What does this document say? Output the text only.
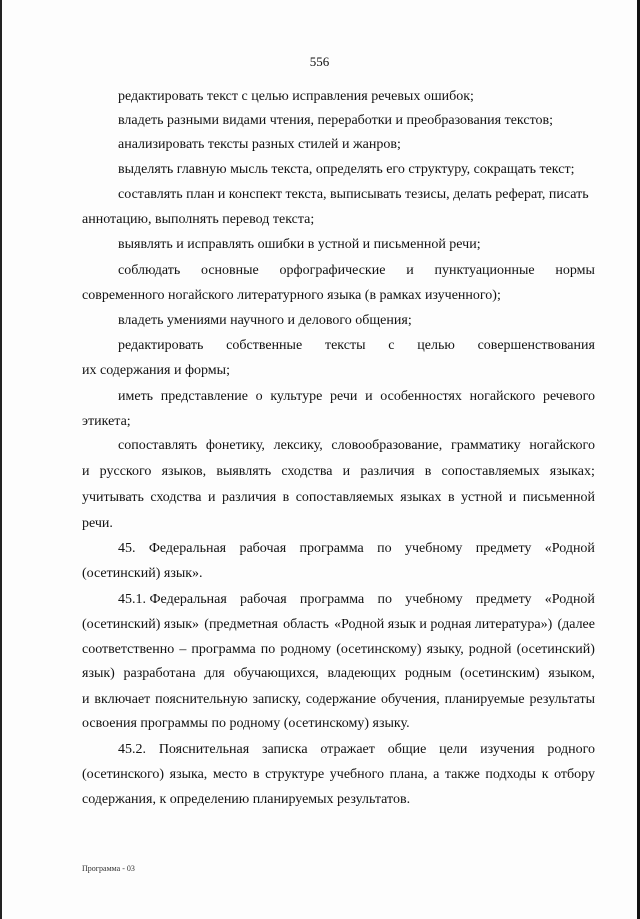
556
редактировать текст с целью исправления речевых ошибок;
владеть разными видами чтения, переработки и преобразования текстов;
анализировать тексты разных стилей и жанров;
выделять главную мысль текста, определять его структуру, сокращать текст;
составлять план и конспект текста, выписывать тезисы, делать реферат, писать
аннотацию, выполнять перевод текста;
выявлять и исправлять ошибки в устной и письменной речи;
соблюдать основные орфографические и пунктуационные нормы
современного ногайского литературного языка (в рамках изученного);
владеть умениями научного и делового общения;
редактировать собственные тексты с целью совершенствования
их содержания и формы;
иметь представление о культуре речи и особенностях ногайского речевого
этикета;
сопоставлять фонетику, лексику, словообразование, грамматику ногайского
и русского языков, выявлять сходства и различия в сопоставляемых языках;
учитывать сходства и различия в сопоставляемых языках в устной и письменной
речи.
45. Федеральная рабочая программа по учебному предмету «Родной
(осетинский) язык».
45.1. Федеральная рабочая программа по учебному предмету «Родной
(осетинский) язык» (предметная область «Родной язык и родная литература») (далее
соответственно – программа по родному (осетинскому) языку, родной (осетинский)
язык) разработана для обучающихся, владеющих родным (осетинским) языком,
и включает пояснительную записку, содержание обучения, планируемые результаты
освоения программы по родному (осетинскому) языку.
45.2. Пояснительная записка отражает общие цели изучения родного
(осетинского) языка, место в структуре учебного плана, а также подходы к отбору
содержания, к определению планируемых результатов.
Программа - 03
